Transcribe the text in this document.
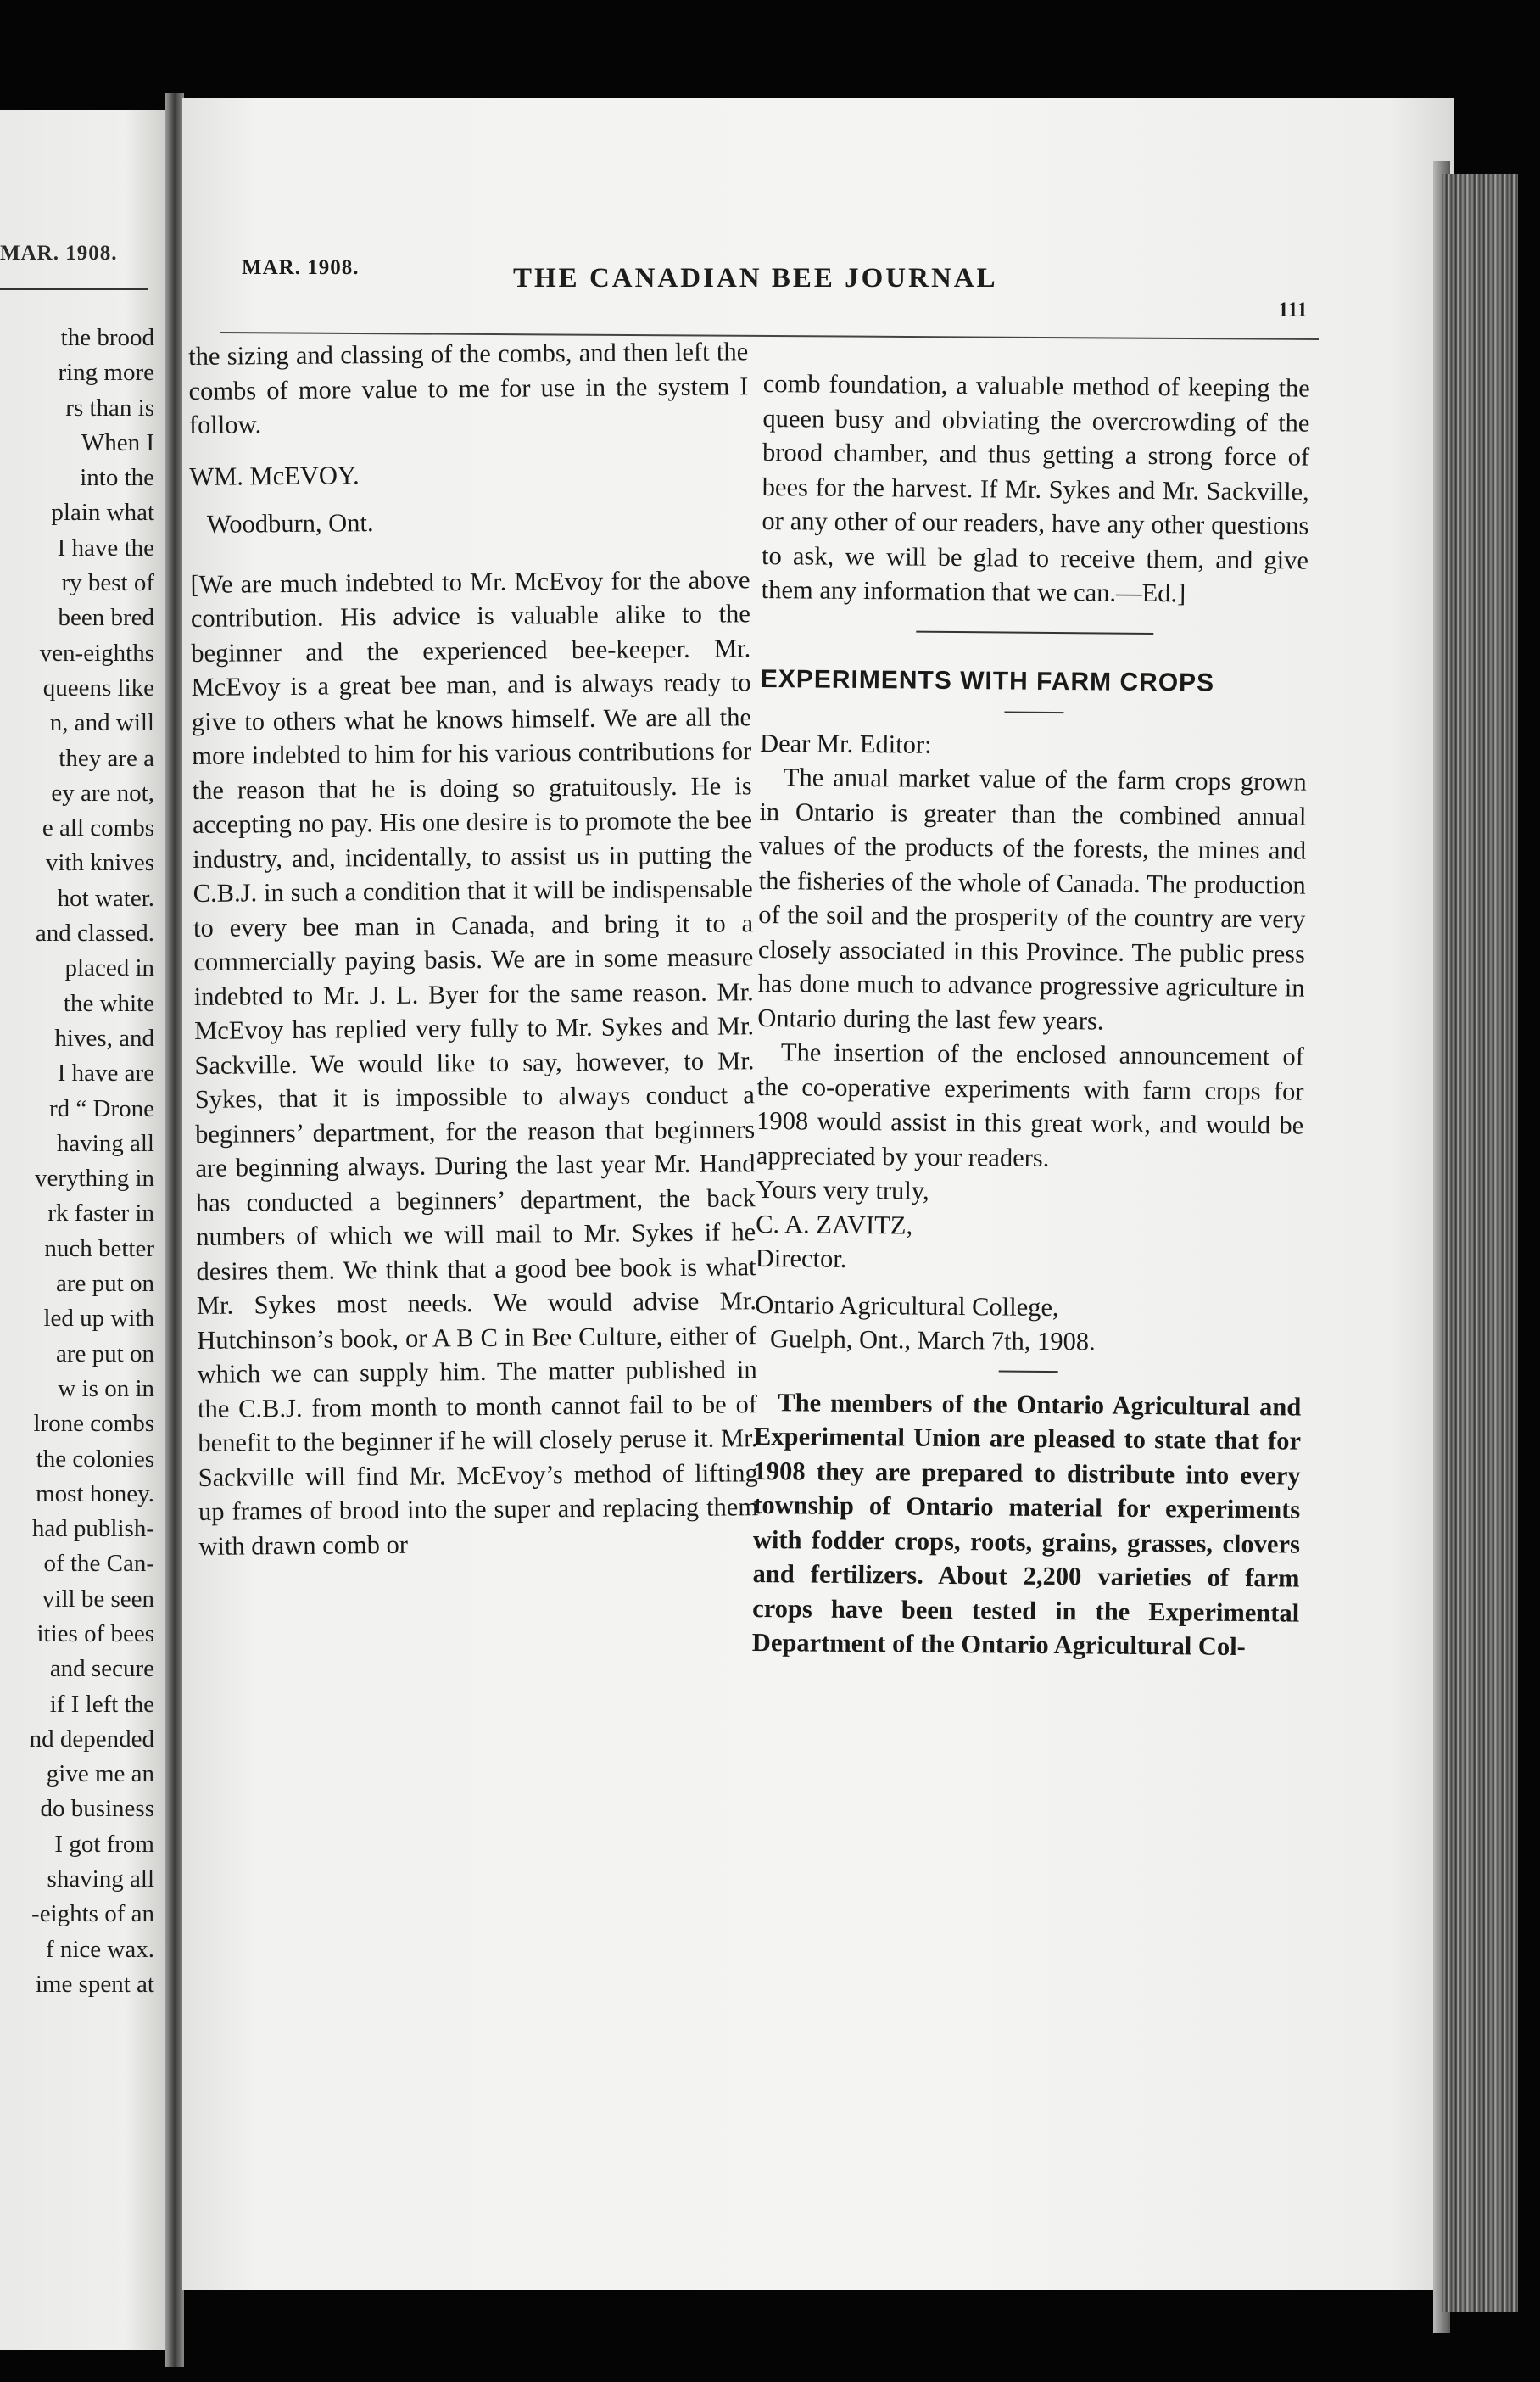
MAR. 1908.
the brood
ring more
rs than is
When I
into the
plain what
I have the
ry best of
been bred
ven-eighths
queens like
n, and will
they are a
ey are not,
e all combs
vith knives
hot water.
and classed.
placed in
the white
hives, and
I have are
rd “ Drone
having all
verything in
rk faster in
nuch better
are put on
led up with
are put on
w is on in
lrone combs
the colonies
most honey.
had publish-
of the Can-
vill be seen
ities of bees
and secure
if I left the
nd depended
give me an
do business
I got from
shaving all
-eights of an
f nice wax.
ime spent at
MAR. 1908.	THE CANADIAN BEE JOURNAL
111

the sizing and classing of the combs, and then left the combs of more value to me for use in the system I follow.

WM. McEVOY.

Woodburn, Ont.

[We are much indebted to Mr. McEvoy for the above contribution. His advice is valuable alike to the beginner and the experienced bee-keeper. Mr. McEvoy is a great bee man, and is always ready to give to others what he knows himself. We are all the more indebted to him for his various contributions for the reason that he is doing so gratuitously. He is accepting no pay. His one desire is to promote the bee industry, and, incidentally, to assist us in putting the C.B.J. in such a condition that it will be indispensable to every bee man in Canada, and bring it to a commercially paying basis. We are in some measure indebted to Mr. J. L. Byer for the same reason. Mr. McEvoy has replied very fully to Mr. Sykes and Mr. Sackville. We would like to say, however, to Mr. Sykes, that it is impossible to always conduct a beginners’ department, for the reason that beginners are beginning always. During the last year Mr. Hand has conducted a beginners’ department, the back numbers of which we will mail to Mr. Sykes if he desires them. We think that a good bee book is what Mr. Sykes most needs. We would advise Mr. Hutchinson’s book, or A B C in Bee Culture, either of which we can supply him. The matter published in the C.B.J. from month to month cannot fail to be of benefit to the beginner if he will closely peruse it. Mr. Sackville will find Mr. McEvoy’s method of lifting up frames of brood into the super and replacing them with drawn comb or

comb foundation, a valuable method of keeping the queen busy and obviating the overcrowding of the brood chamber, and thus getting a strong force of bees for the harvest. If Mr. Sykes and Mr. Sackville, or any other of our readers, have any other questions to ask, we will be glad to receive them, and give them any information that we can.—Ed.]

EXPERIMENTS WITH FARM CROPS

Dear Mr. Editor:

The anual market value of the farm crops grown in Ontario is greater than the combined annual values of the products of the forests, the mines and the fisheries of the whole of Canada. The production of the soil and the prosperity of the country are very closely associated in this Province. The public press has done much to advance progressive agriculture in Ontario during the last few years.

The insertion of the enclosed announcement of the co-operative experiments with farm crops for 1908 would assist in this great work, and would be appreciated by your readers.

Yours very truly,

C. A. ZAVITZ,

Director.

Ontario Agricultural College,

Guelph, Ont., March 7th, 1908.

The members of the Ontario Agricultural and Experimental Union are pleased to state that for 1908 they are prepared to distribute into every township of Ontario material for experiments with fodder crops, roots, grains, grasses, clovers and fertilizers. About 2,200 varieties of farm crops have been tested in the Experimental Department of the Ontario Agricultural Col-
